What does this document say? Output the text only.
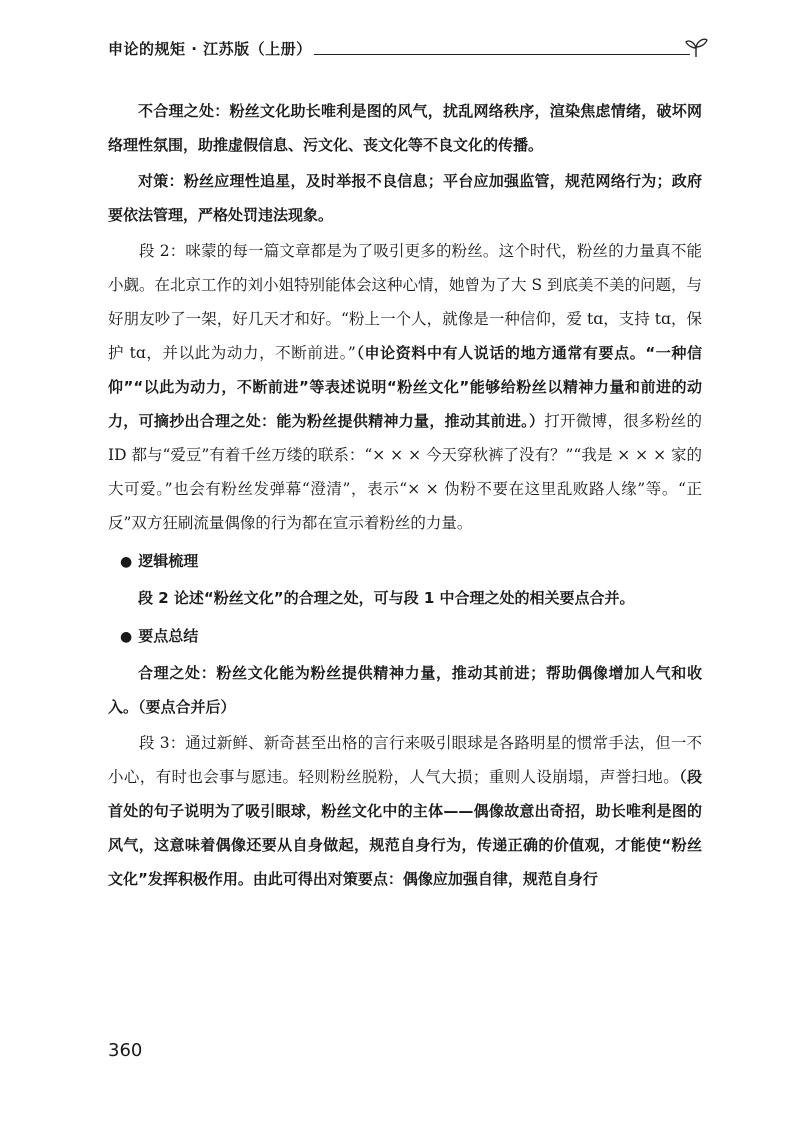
申论的规矩 · 江苏版（上册）

不合理之处：粉丝文化助长唯利是图的风气，扰乱网络秩序，渲染焦虑情绪，破坏网络理性氛围，助推虚假信息、污文化、丧文化等不良文化的传播。

对策：粉丝应理性追星，及时举报不良信息；平台应加强监管，规范网络行为；政府要依法管理，严格处罚违法现象。

段 2：咪蒙的每一篇文章都是为了吸引更多的粉丝。这个时代，粉丝的力量真不能小觑。在北京工作的刘小姐特别能体会这种心情，她曾为了大 S 到底美不美的问题，与好朋友吵了一架，好几天才和好。“粉上一个人，就像是一种信仰，爱 tɑ，支持 tɑ，保护 tɑ，并以此为动力，不断前进。”（申论资料中有人说话的地方通常有要点。“一种信仰”“以此为动力，不断前进”等表述说明“粉丝文化”能够给粉丝以精神力量和前进的动力，可摘抄出合理之处：能为粉丝提供精神力量，推动其前进。）打开微博，很多粉丝的 ID 都与“爱豆”有着千丝万缕的联系：“× × × 今天穿秋裤了没有？”“我是 × × × 家的大可爱。”也会有粉丝发弹幕“澄清”，表示“× × 伪粉不要在这里乱败路人缘”等。“正反”双方狂刷流量偶像的行为都在宣示着粉丝的力量。

● 逻辑梳理

段 2 论述“粉丝文化”的合理之处，可与段 1 中合理之处的相关要点合并。

● 要点总结

合理之处：粉丝文化能为粉丝提供精神力量，推动其前进；帮助偶像增加人气和收入。（要点合并后）

段 3：通过新鲜、新奇甚至出格的言行来吸引眼球是各路明星的惯常手法，但一不小心，有时也会事与愿违。轻则粉丝脱粉，人气大损；重则人设崩塌，声誉扫地。（段首处的句子说明为了吸引眼球，粉丝文化中的主体——偶像故意出奇招，助长唯利是图的风气，这意味着偶像还要从自身做起，规范自身行为，传递正确的价值观，才能使“粉丝文化”发挥积极作用。由此可得出对策要点：偶像应加强自律，规范自身行

360
